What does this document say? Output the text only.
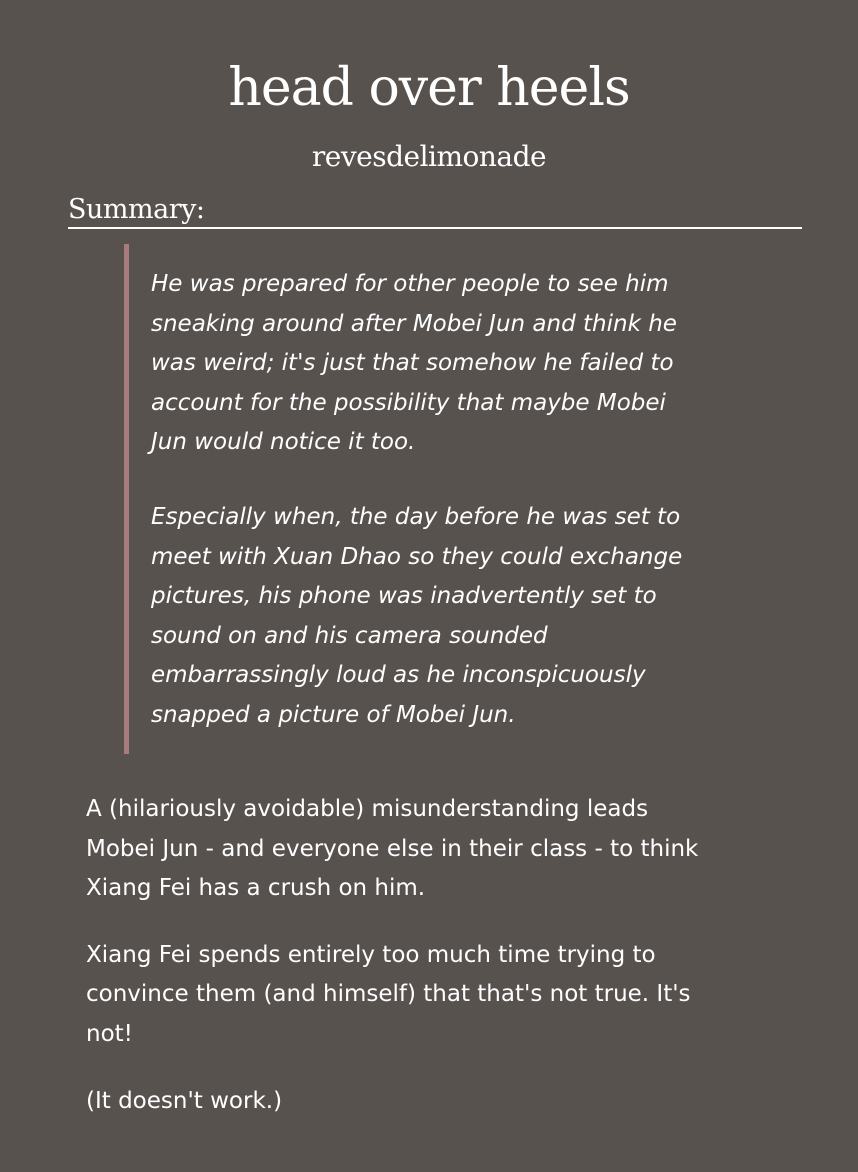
head over heels
revesdelimonade
Summary:

He was prepared for other people to see him
sneaking around after Mobei Jun and think he
was weird; it's just that somehow he failed to
account for the possibility that maybe Mobei
Jun would notice it too.

Especially when, the day before he was set to
meet with Xuan Dhao so they could exchange
pictures, his phone was inadvertently set to
sound on and his camera sounded
embarrassingly loud as he inconspicuously
snapped a picture of Mobei Jun.

A (hilariously avoidable) misunderstanding leads
Mobei Jun - and everyone else in their class - to think
Xiang Fei has a crush on him.

Xiang Fei spends entirely too much time trying to
convince them (and himself) that that's not true. It's
not!

(It doesn't work.)
